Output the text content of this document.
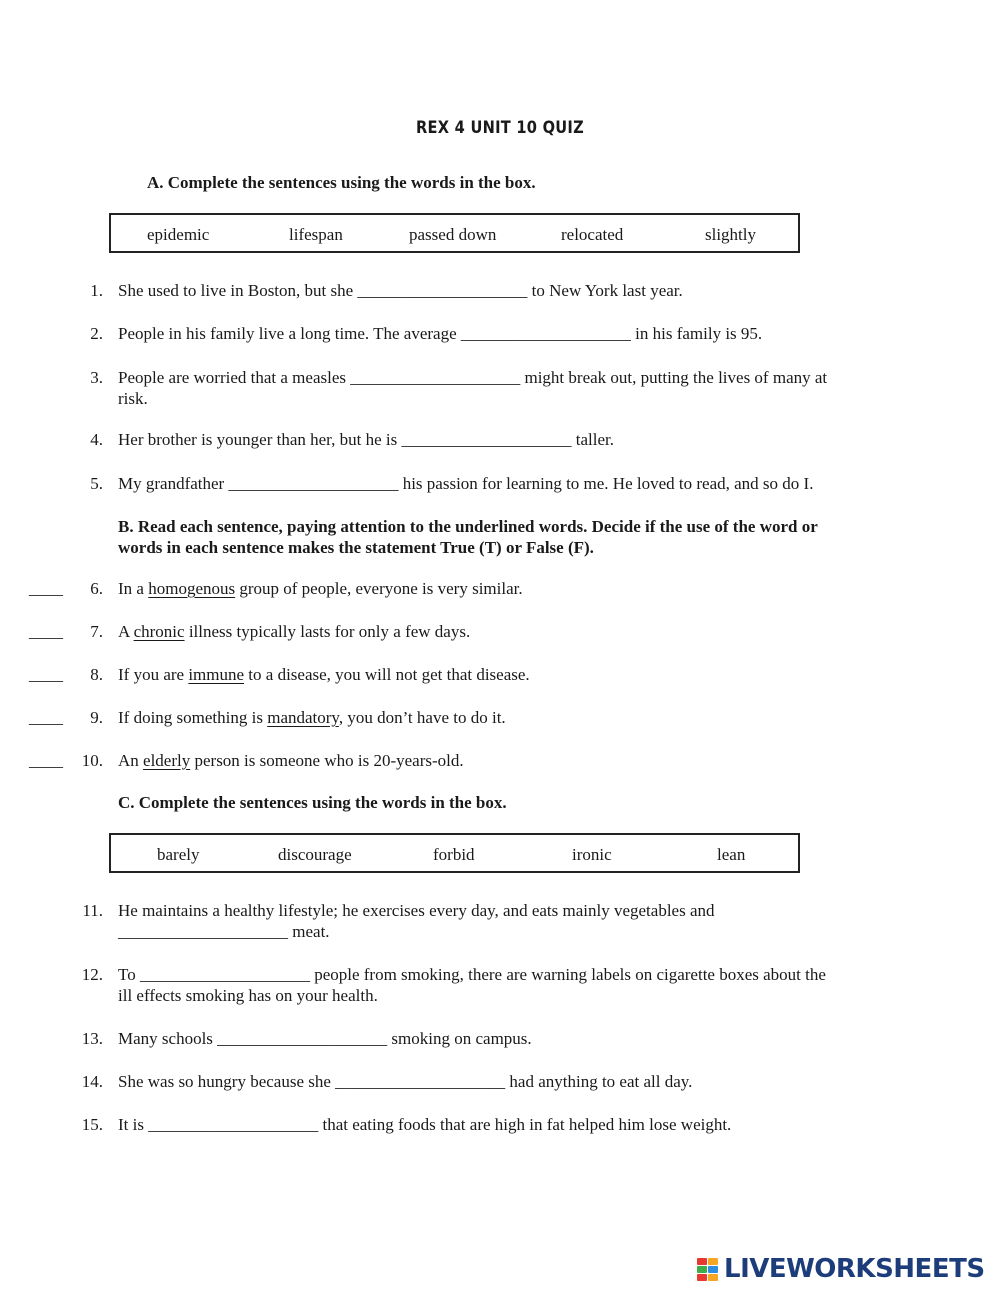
REX 4 UNIT 10 QUIZ
A. Complete the sentences using the words in the box.
epidemic	lifespan	passed down	relocated	slightly
1. She used to live in Boston, but she ____________________ to New York last year.
2. People in his family live a long time. The average ____________________ in his family is 95.
3. People are worried that a measles ____________________ might break out, putting the lives of many at
risk.
4. Her brother is younger than her, but he is ____________________ taller.
5. My grandfather ____________________ his passion for learning to me. He loved to read, and so do I.
B. Read each sentence, paying attention to the underlined words. Decide if the use of the word or
words in each sentence makes the statement True (T) or False (F).
____	6. In a homogenous group of people, everyone is very similar.
____	7. A chronic illness typically lasts for only a few days.
____	8. If you are immune to a disease, you will not get that disease.
____	9. If doing something is mandatory, you don’t have to do it.
____	10. An elderly person is someone who is 20-years-old.
C. Complete the sentences using the words in the box.
barely	discourage	forbid	ironic	lean
11. He maintains a healthy lifestyle; he exercises every day, and eats mainly vegetables and
____________________ meat.
12. To ____________________ people from smoking, there are warning labels on cigarette boxes about the
ill effects smoking has on your health.
13. Many schools ____________________ smoking on campus.
14. She was so hungry because she ____________________ had anything to eat all day.
15. It is ____________________ that eating foods that are high in fat helped him lose weight.
LIVEWORKSHEETS
